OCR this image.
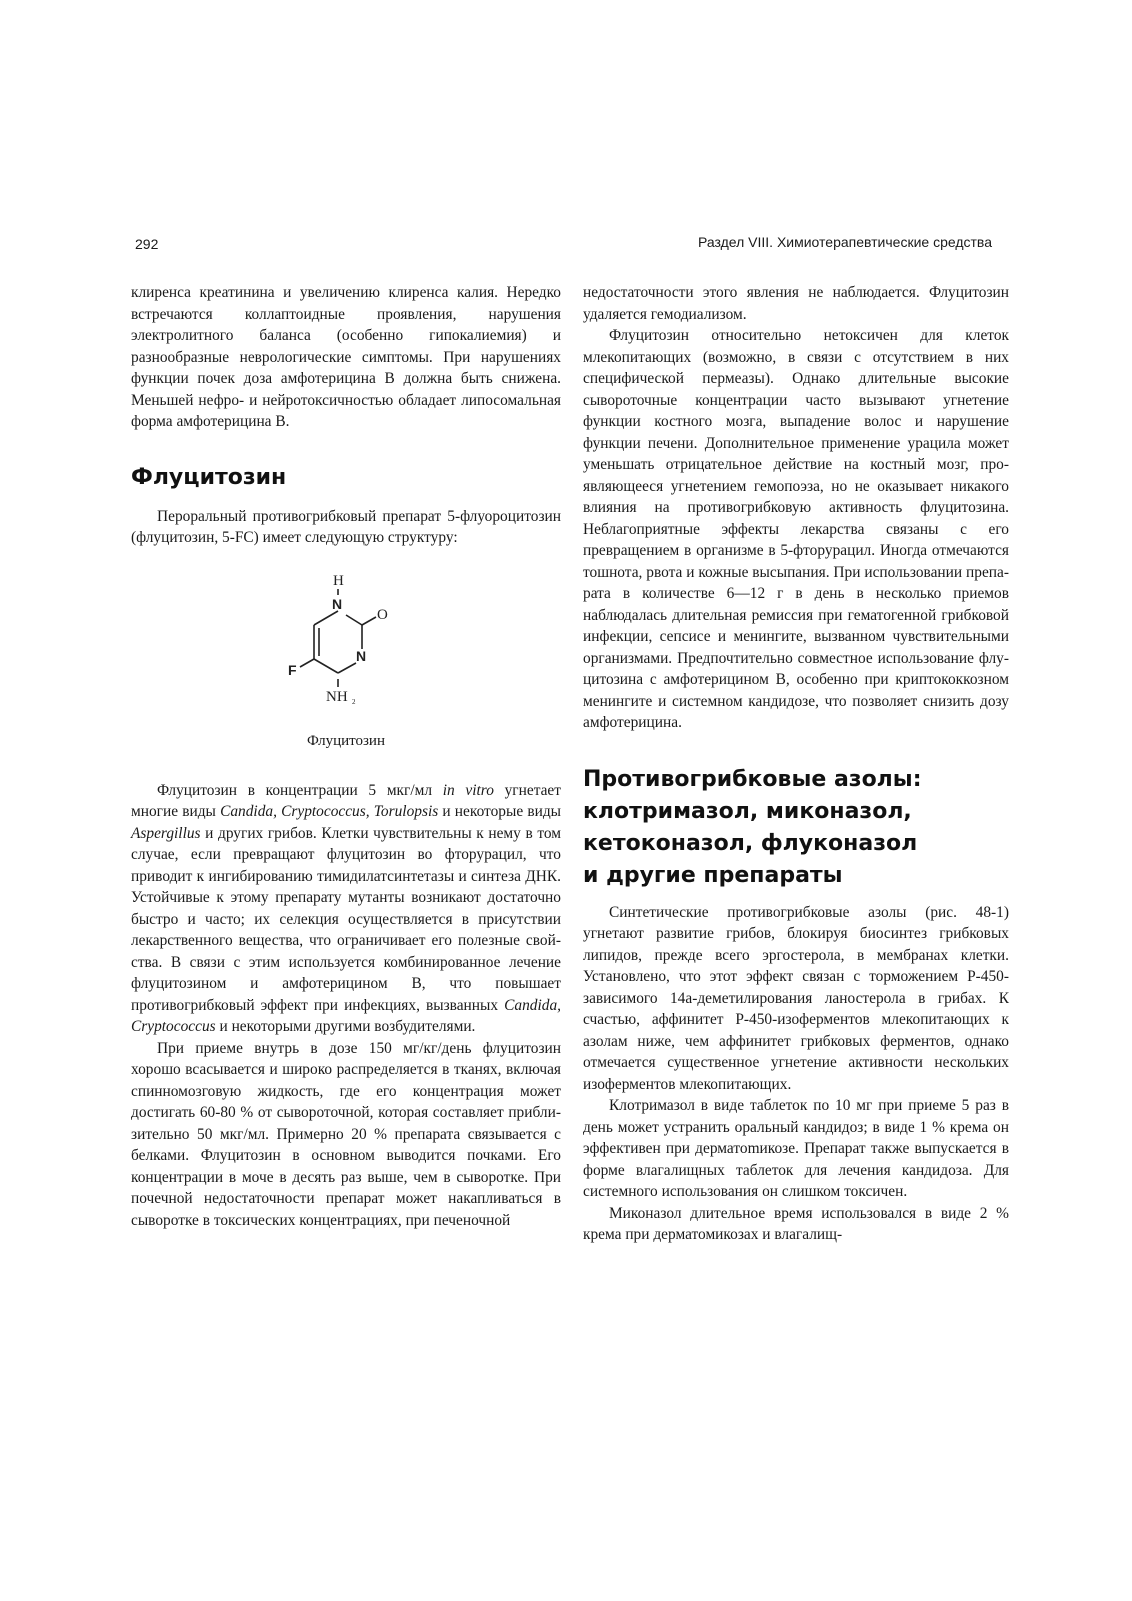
292	Раздел VIII. Химиотерапевтические средства

клиренса креатинина и увеличению клиренса калия. Нередко встречаются коллаптоидные проявления, нарушения электролитного баланса (особенно гипокалиемия) и разнообразные неврологические симптомы. При нарушениях функции почек доза амфотерицина В должна быть снижена. Меньшей нефро- и нейротоксичностью обладает липосомальная форма амфотерицина В.

Флуцитозин

Пероральный противогрибковый препарат 5-флуороцитозин (флуцитозин, 5-FC) имеет следующую структуру:

H
N
O
N
F
NH 2
Флуцитозин

Флуцитозин в концентрации 5 мкг/мл in vitro угнетает многие виды Candida, Cryptococcus, Torulopsis и некоторые виды Aspergillus и других грибов. Клетки чувствительны к нему в том случае, если превращают флуцитозин во фторурацил, что приводит к ингибированию тимидилатсинтетазы и синтеза ДНК. Устойчивые к этому препарату мутанты возникают достаточно быстро и часто; их селекция осуществляется в присутствии лекарственного вещества, что ограничивает его полезные свойства. В связи с этим используется комбинированное лечение флуцитозином и амфотерицином В, что повышает противогрибковый эффект при инфекциях, вызванных Candida, Cryptococcus и некоторыми другими возбудителями.

При приеме внутрь в дозе 150 мг/кг/день флуцитозин хорошо всасывается и широко распределяется в тканях, включая спинномозговую жидкость, где его концентрация может достигать 60-80 % от сывороточной, которая составляет приблизительно 50 мкг/мл. Примерно 20 % препарата связывается с белками. Флуцитозин в основном выводится почками. Его концентрации в моче в десять раз выше, чем в сыворотке. При почечной недостаточности препарат может накапливаться в сыворотке в токсических концентрациях, при печеночной

недостаточности этого явления не наблюдается. Флуцитозин удаляется гемодиализом.

Флуцитозин относительно нетоксичен для клеток млекопитающих (возможно, в связи с отсутствием в них специфической пермеазы). Однако длительные высокие сывороточные концентрации часто вызывают угнетение функции костного мозга, выпадение волос и нарушение функции печени. Дополнительное применение урацила может уменьшать отрицательное действие на костный мозг, проявляющееся угнетением гемопоэза, но не оказывает никакого влияния на противогрибковую активность флуцитозина. Неблагоприятные эффекты лекарства связаны с его превращением в организме в 5-фторурацил. Иногда отмечаются тошнота, рвота и кожные высыпания. При использовании препарата в количестве 6—12 г в день в несколько приемов наблюдалась длительная ремиссия при гематогенной грибковой инфекции, сепсисе и менингите, вызванном чувствительными организмами. Предпочтительно совместное использование флуцитозина с амфотерицином В, особенно при криптококкозном менингите и системном кандидозе, что позволяет снизить дозу амфотерицина.

Противогрибковые азолы:
клотримазол, миконазол,
кетоконазол, флуконазол
и другие препараты

Синтетические противогрибковые азолы (рис. 48-1) угнетают развитие грибов, блокируя биосинтез грибковых липидов, прежде всего эргостерола, в мембранах клетки. Установлено, что этот эффект связан с торможением Р-450-зависимого 14а-деметилирования ланостерола в грибах. К счастью, аффинитет Р-450-изоферментов млекопитающих к азолам ниже, чем аффинитет грибковых ферментов, однако отмечается существенное угнетение активности нескольких изоферментов млекопитающих.

Клотримазол в виде таблеток по 10 мг при приеме 5 раз в день может устранить оральный кандидоз; в виде 1 % крема он эффективен при дерматоmикозе. Препарат также выпускается в форме влагалищных таблеток для лечения кандидоза. Для системного использования он слишком токсичен.

Миконазол длительное время использовался в виде 2 % крема при дерматомикозах и влагалищ-
